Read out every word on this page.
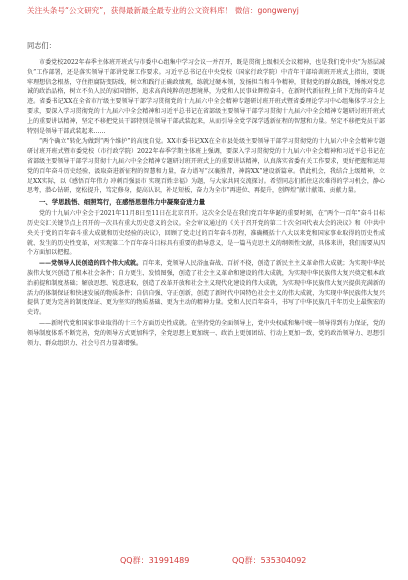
关注头条号“公文研究”，获得最新最全最专业的公文资料库！ 微信：gongwenyj
同志们：

市委党校2022年春季主体班开班式与市委中心组集中学习会议一并召开，既是贯彻上级相关会议精神，也是我们党中央“为基层减负”工作部署，还是落实领导干部讲党课工作要求。习近平总书记在中央党校（国家行政学院）中青年干部培训班开班式上指出，要既牢理想信念根基，守住拒腐防变防线，树立和践行正确政绩观，练就过硬本领，发扬担当和斗争精神，贯彻党的群众路线，锤炼对党忠诚的政治品格，树立不负人民的家国情怀，追求高尚纯粹的思想境界，为党和人民事业辉煌奋斗，在新时代新征程上留下无悔的奋斗足迹。省委书记XX在全省市厅级主要领导干部学习贯彻党的十九届六中全会精神专题研讨班开班式暨省委理论学习中心组集体学习会上要求，要深入学习贯彻党的十九届六中全会精神和习近平总书记在省部级主要领导干部学习贯彻十九届六中全会精神专题研讨班开班式上的重要讲话精神，坚定不移把党员干部特别是领导干部武装起来，从而引导全党学深学透新征程的智慧和力量。坚定不移把党员干部特别是领导干部武装起来……

“两个确立”转化为做到“两个维护”的高度自觉。XX市委书记XX在全市县处级主要领导干部学习贯彻党的十九届六中全会精神专题研讨班开班式暨市委党校（市行政学院）2022年春季学期主体班上强调，要深入学习贯彻党的十九届六中全会精神和习近平总书记在省部级主要领导干部学习贯彻十九届六中全会精神专题研讨班开班式上的重要讲话精神，认真落实省委有关工作要求，更好把握和运用党的百年奋斗历史经验，汲取奋进新征程的智慧和力量，奋力谱写“汉襄胜昔，神韵XX”建设新篇章。借此机会，我结合上级精神，立足XX实际，以《感悟百年伟力 冲刺百强县市 实现百姓幸福》为题，与大家共同交流探讨。希望同志们抓住这次难得的学习机会，静心思考，潜心钻研，宽松提升，笃定修身，提高认识，补足短板，奋力为全市“再进位、再提升，创辉煌”献计献策、贡献力量。

一、学思践悟、细照笃行，在感悟思想伟力中凝聚奋进力量

党的十九届六中全会于2021年11月8日至11日在北京召开。这次全会是在我们党百年华诞的重要时刻，在“两个一百年”奋斗目标历史交汇关键节点上召开的一次具有重大历史意义的会议。全会审议通过的《关于召开党的第二十次全国代表大会的决议》和《中共中央关于党的百年奋斗重大成就和历史经验的决议》，回顾了党走过的百年奋斗历程，准确概括十八大以来党和国家事业取得的历史性成就、发生的历史性变革，对实现第二个百年奋斗目标具有重要的指导意义，是一篇马克思主义的纲领性文献，具体来讲，我们需要从四个方面加以把握。

——党领导人民创造的四个伟大成就。百年来，党领导人民浴血奋战、百折不挠，创造了新民主主义革命伟大成就；为实现中华民族伟大复兴创造了根本社会条件；自力更生、发愤图强，创造了社会主义革命和建设的伟大成就，为实现中华民族伟大复兴奠定根本政治前提和制度基础；解放思想、锐意进取，创造了改革开放和社会主义现代化建设的伟大成就，为实现中华民族伟大复兴提供充满新的活力的体制保证和快速发展的物质条件；自信自强、守正创新，创造了新时代中国特色社会主义的伟大成就，为实现中华民族伟大复兴提供了更为完善的制度保证、更为坚实的物质基础、更为主动的精神力量。党和人民百年奋斗，书写了中华民族几千年历史上最恢宏的史诗。

——新时代党和国家事业取得的十三个方面历史性成就。在坚持党的全面领导上，党中央权威和集中统一领导得到有力保证，党的领导制度体系不断完善，党的领导方式更加科学，全党思想上更加统一、政治上更加团结、行动上更加一致，党的政治领导力、思想引领力、群众组织力、社会号召力显著增强。

QQ群：31991489	QQ群：535304092
